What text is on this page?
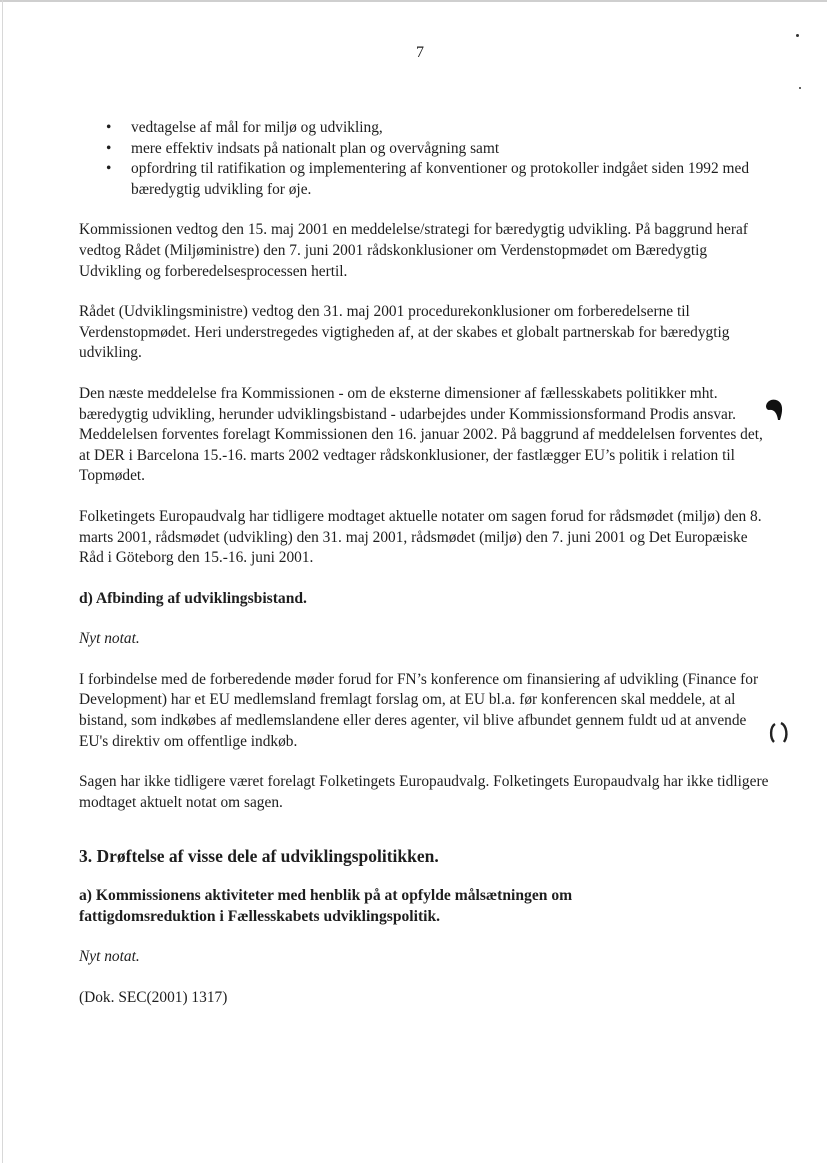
7
• vedtagelse af mål for miljø og udvikling,
• mere effektiv indsats på nationalt plan og overvågning samt
• opfordring til ratifikation og implementering af konventioner og protokoller indgået siden 1992 med bæredygtig udvikling for øje.

Kommissionen vedtog den 15. maj 2001 en meddelelse/strategi for bæredygtig udvikling. På baggrund heraf vedtog Rådet (Miljøministre) den 7. juni 2001 rådskonklusioner om Verdenstopmødet om Bæredygtig Udvikling og forberedelsesprocessen hertil.

Rådet (Udviklingsministre) vedtog den 31. maj 2001 procedurekonklusioner om forberedelserne til Verdenstopmødet. Heri understregedes vigtigheden af, at der skabes et globalt partnerskab for bæredygtig udvikling.

Den næste meddelelse fra Kommissionen - om de eksterne dimensioner af fællesskabets politikker mht. bæredygtig udvikling, herunder udviklingsbistand - udarbejdes under Kommissionsformand Prodis ansvar. Meddelelsen forventes forelagt Kommissionen den 16. januar 2002. På baggrund af meddelelsen forventes det, at DER i Barcelona 15.-16. marts 2002 vedtager rådskonklusioner, der fastlægger EU’s politik i relation til Topmødet.

Folketingets Europaudvalg har tidligere modtaget aktuelle notater om sagen forud for rådsmødet (miljø) den 8. marts 2001, rådsmødet (udvikling) den 31. maj 2001, rådsmødet (miljø) den 7. juni 2001 og Det Europæiske Råd i Göteborg den 15.-16. juni 2001.

d) Afbinding af udviklingsbistand.

Nyt notat.

I forbindelse med de forberedende møder forud for FN’s konference om finansiering af udvikling (Finance for Development) har et EU medlemsland fremlagt forslag om, at EU bl.a. før konferencen skal meddele, at al bistand, som indkøbes af medlemslandene eller deres agenter, vil blive afbundet gennem fuldt ud at anvende EU's direktiv om offentlige indkøb.

Sagen har ikke tidligere været forelagt Folketingets Europaudvalg. Folketingets Europaudvalg har ikke tidligere modtaget aktuelt notat om sagen.

3. Drøftelse af visse dele af udviklingspolitikken.

a) Kommissionens aktiviteter med henblik på at opfylde målsætningen om fattigdomsreduktion i Fællesskabets udviklingspolitik.

Nyt notat.

(Dok. SEC(2001) 1317)
